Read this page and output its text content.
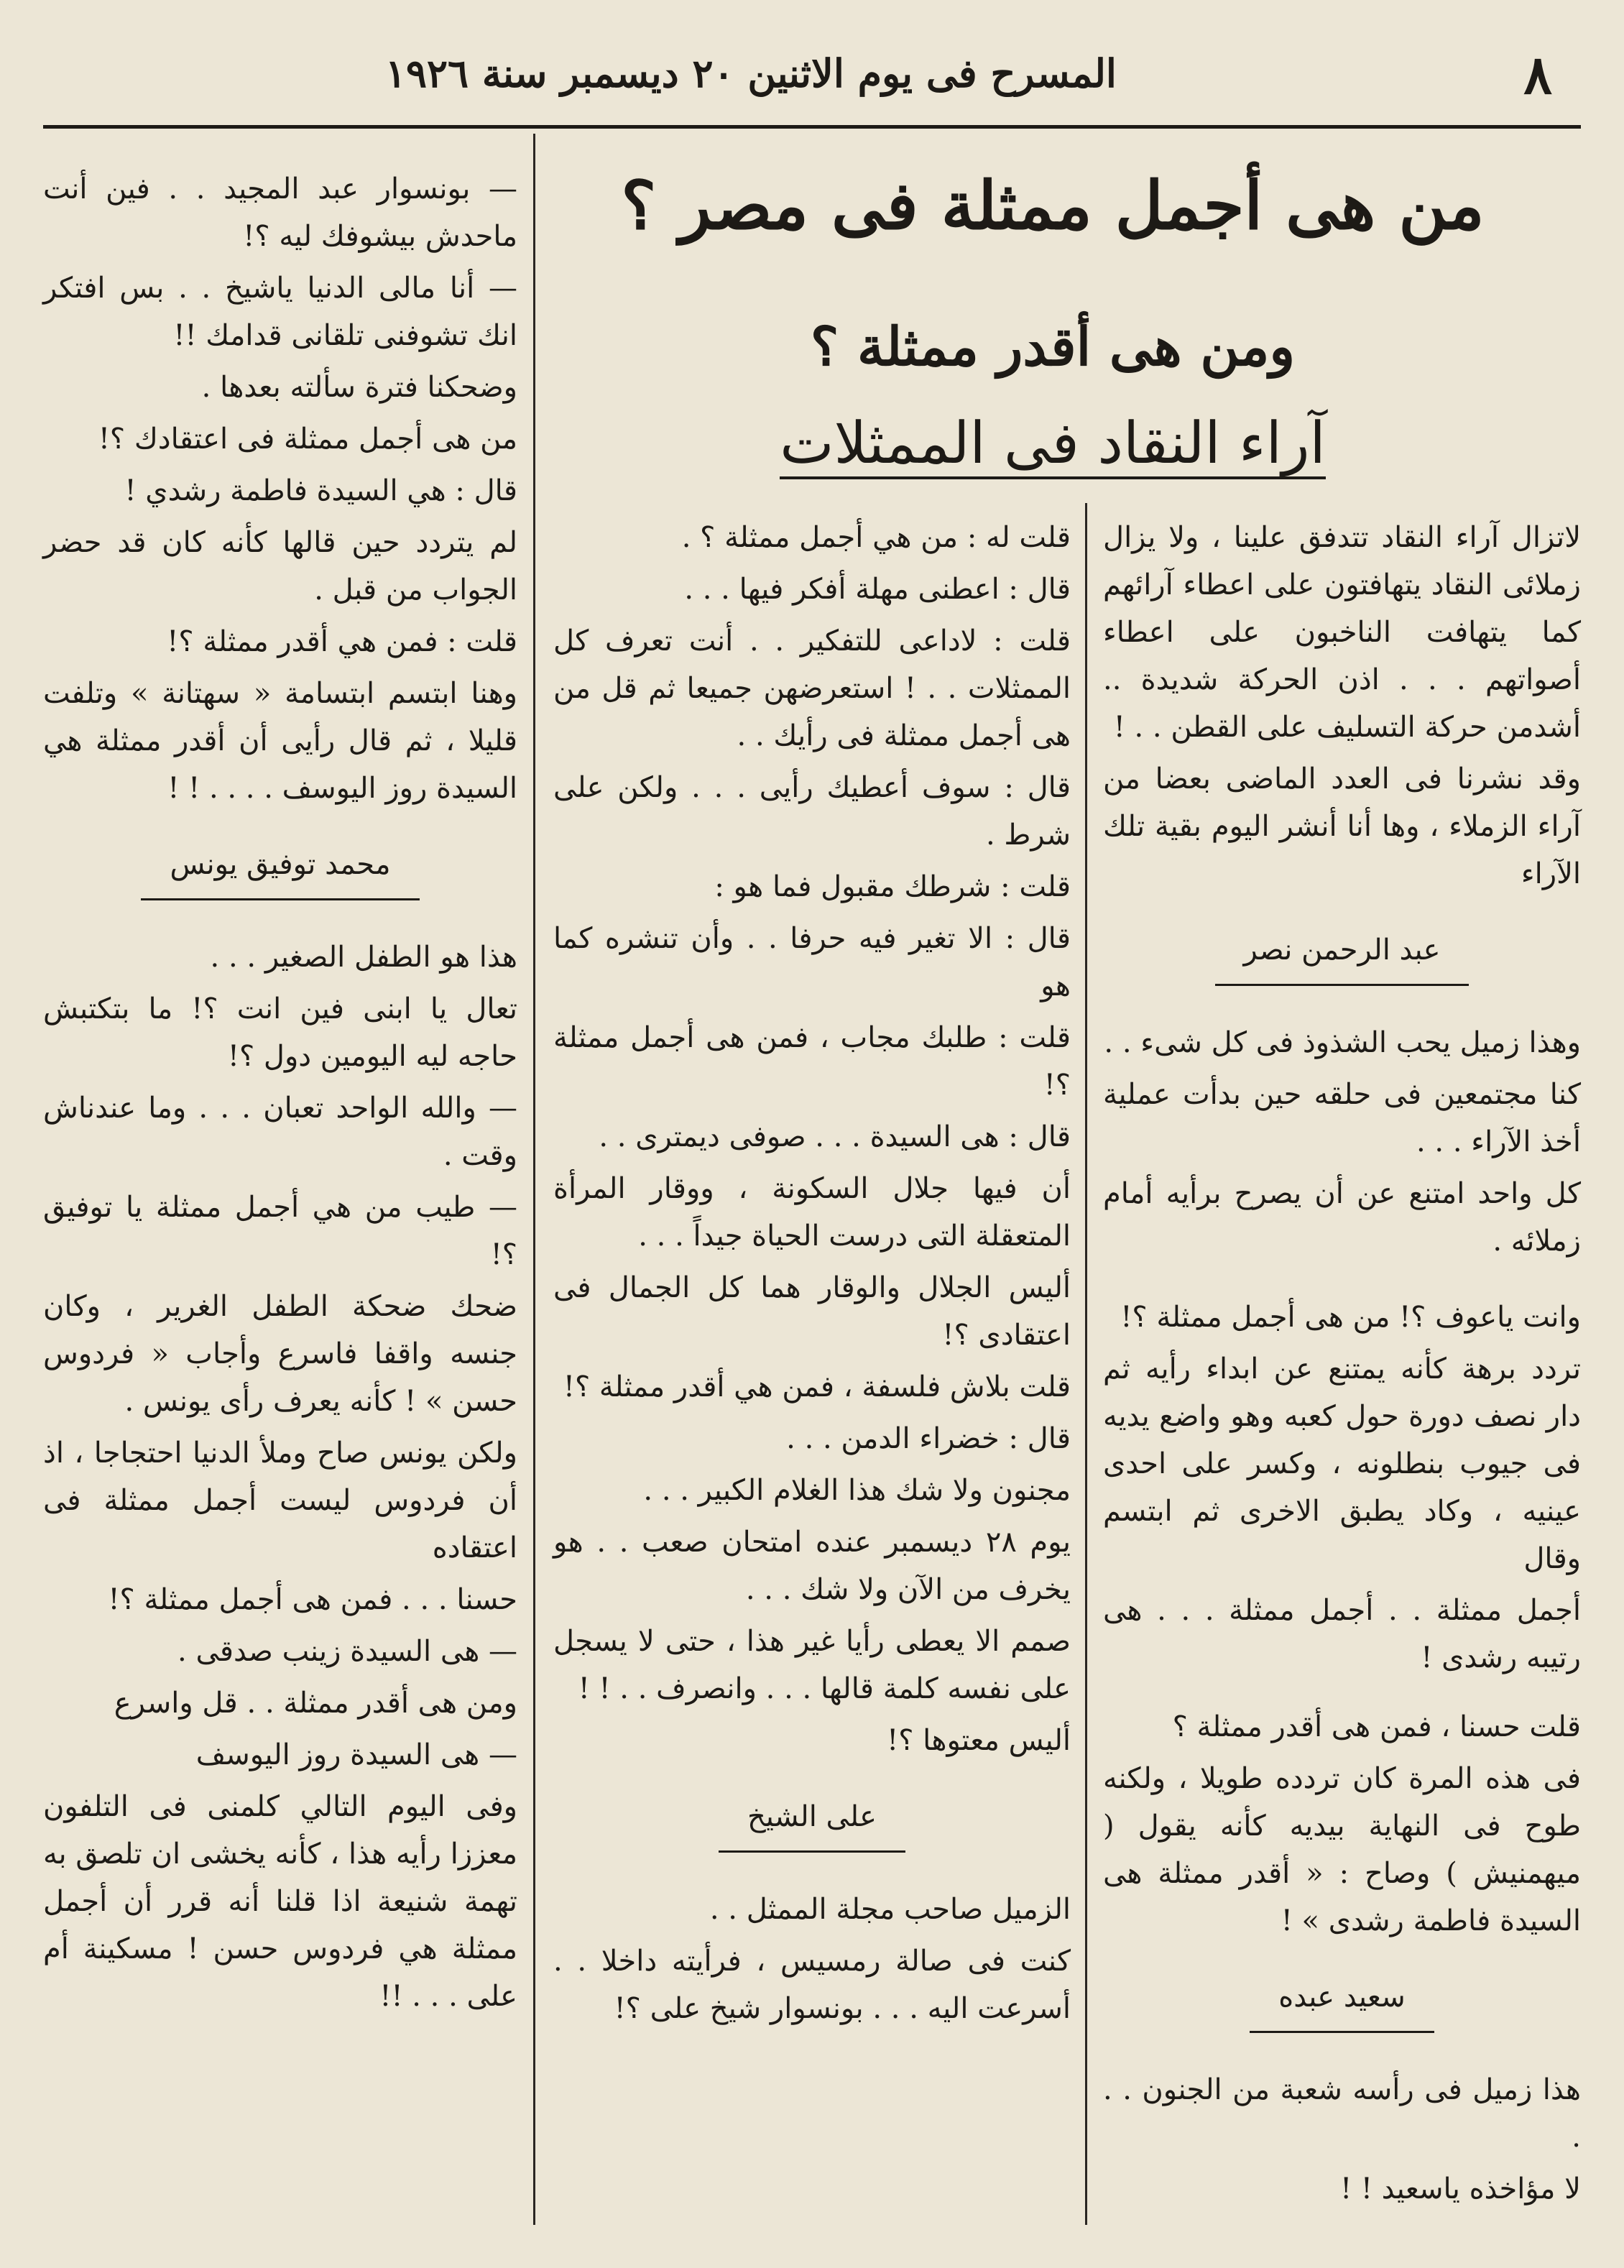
٨
المسرح فى يوم الاثنين ٢٠ ديسمبر سنة ١٩٢٦
من هى أجمل ممثلة فى مصر ؟
ومن هى أقدر ممثلة ؟
آراء النقاد فى الممثلات

لاتزال آراء النقاد تتدفق علينا ، ولا يزال زملائى النقاد يتهافتون على اعطاء آرائهم كما يتهافت الناخبون على اعطاء أصواتهم . . . اذن الحركة شديدة .. أشدمن حركة التسليف على القطن . . !

وقد نشرنا فى العدد الماضى بعضا من آراء الزملاء ، وها أنا أنشر اليوم بقية تلك الآراء

عبد الرحمن نصر

وهذا زميل يحب الشذوذ فى كل شىء . .

كنا مجتمعين فى حلقه حين بدأت عملية أخذ الآراء . . .

كل واحد امتنع عن أن يصرح برأيه أمام زملائه .

وانت ياعوف ؟! من هى أجمل ممثلة ؟!

تردد برهة كأنه يمتنع عن ابداء رأيه ثم دار نصف دورة حول كعبه وهو واضع يديه فى جيوب بنطلونه ، وكسر على احدى عينيه ، وكاد يطبق الاخرى ثم ابتسم وقال

أجمل ممثلة . . أجمل ممثلة . . . هى رتيبه رشدى !

قلت حسنا ، فمن هى أقدر ممثلة ؟

فى هذه المرة كان تردده طويلا ، ولكنه طوح فى النهاية بيديه كأنه يقول ( ميهمنيش ) وصاح : « أقدر ممثلة هى السيدة فاطمة رشدى » !

سعيد عبده

هذا زميل فى رأسه شعبة من الجنون . . .

لا مؤاخذه ياسعيد ! !

قلت له : من هي أجمل ممثلة ؟ .

قال : اعطنى مهلة أفكر فيها . . .

قلت : لاداعى للتفكير . . أنت تعرف كل الممثلات . . ! استعرضهن جميعا ثم قل من هى أجمل ممثلة فى رأيك . .

قال : سوف أعطيك رأيى . . . ولكن على شرط .

قلت : شرطك مقبول فما هو :

قال : الا تغير فيه حرفا . . وأن تنشره كما هو

قلت : طلبك مجاب ، فمن هى أجمل ممثلة ؟!

قال : هى السيدة . . . صوفى ديمترى . .

أن فيها جلال السكونة ، ووقار المرأة المتعقلة التى درست الحياة جيداً . . .

أليس الجلال والوقار هما كل الجمال فى اعتقادى ؟!

قلت بلاش فلسفة ، فمن هي أقدر ممثلة ؟!

قال : خضراء الدمن . . .

مجنون ولا شك هذا الغلام الكبير . . .

يوم ٢٨ ديسمبر عنده امتحان صعب . . هو يخرف من الآن ولا شك . . .

صمم الا يعطى رأيا غير هذا ، حتى لا يسجل على نفسه كلمة قالها . . . وانصرف . . ! !

أليس معتوها ؟!

على الشيخ

الزميل صاحب مجلة الممثل . .

كنت فى صالة رمسيس ، فرأيته داخلا . . أسرعت اليه . . . بونسوار شيخ على ؟!

— بونسوار عبد المجيد . . فين أنت ماحدش بيشوفك ليه ؟!

— أنا مالى الدنيا ياشيخ . . بس افتكر انك تشوفنى تلقانى قدامك !!

وضحكنا فترة سألته بعدها .

من هى أجمل ممثلة فى اعتقادك ؟!

قال : هي السيدة فاطمة رشدي !

لم يتردد حين قالها كأنه كان قد حضر الجواب من قبل .

قلت : فمن هي أقدر ممثلة ؟!

وهنا ابتسم ابتسامة « سهتانة » وتلفت قليلا ، ثم قال رأيى أن أقدر ممثلة هي السيدة روز اليوسف . . . . ! !

محمد توفيق يونس

هذا هو الطفل الصغير . . .

تعال يا ابنى فين انت ؟! ما بتكتبش حاجه ليه اليومين دول ؟!

— والله الواحد تعبان . . . وما عندناش وقت .

— طيب من هي أجمل ممثلة يا توفيق ؟!

ضحك ضحكة الطفل الغرير ، وكان جنسه واقفا فاسرع وأجاب « فردوس حسن » ! كأنه يعرف رأى يونس .

ولكن يونس صاح وملأ الدنيا احتجاجا ، اذ أن فردوس ليست أجمل ممثلة فى اعتقاده

حسنا . . . فمن هى أجمل ممثلة ؟!

— هى السيدة زينب صدقى .

ومن هى أقدر ممثلة . . قل واسرع

— هى السيدة روز اليوسف

وفى اليوم التالي كلمنى فى التلفون معززا رأيه هذا ، كأنه يخشى ان تلصق به تهمة شنيعة اذا قلنا أنه قرر أن أجمل ممثلة هي فردوس حسن ! مسكينة أم على . . . !!
